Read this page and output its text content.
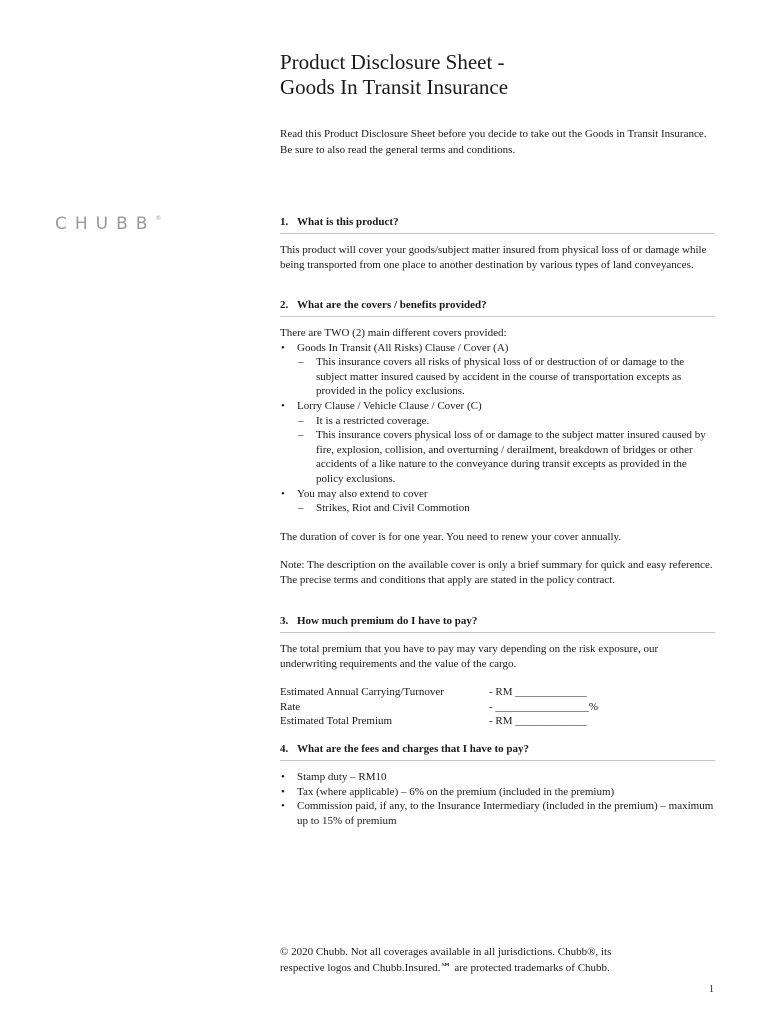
Product Disclosure Sheet -
Goods In Transit Insurance
Read this Product Disclosure Sheet before you decide to take out the Goods in Transit Insurance. Be sure to also read the general terms and conditions.
CHUBB®	1. What is this product?

This product will cover your goods/subject matter insured from physical loss of or damage while being transported from one place to another destination by various types of land conveyances.

2. What are the covers / benefits provided?

There are TWO (2) main different covers provided:

• Goods In Transit (All Risks) Clause / Cover (A)
– This insurance covers all risks of physical loss of or destruction of or damage to the subject matter insured caused by accident in the course of transportation excepts as provided in the policy exclusions.
• Lorry Clause / Vehicle Clause / Cover (C)
– It is a restricted coverage.
– This insurance covers physical loss of or damage to the subject matter insured caused by fire, explosion, collision, and overturning / derailment, breakdown of bridges or other accidents of a like nature to the conveyance during transit excepts as provided in the policy exclusions.
• You may also extend to cover
– Strikes, Riot and Civil Commotion

The duration of cover is for one year. You need to renew your cover annually.

Note: The description on the available cover is only a brief summary for quick and easy reference. The precise terms and conditions that apply are stated in the policy contract.

3. How much premium do I have to pay?

The total premium that you have to pay may vary depending on the risk exposure, our underwriting requirements and the value of the cargo.

Estimated Annual Carrying/Turnover	- RM _____________
Rate	- _________________%
Estimated Total Premium	- RM _____________
4. What are the fees and charges that I have to pay?
• Stamp duty – RM10
• Tax (where applicable) – 6% on the premium (included in the premium)
• Commission paid, if any, to the Insurance Intermediary (included in the premium) – maximum up to 15% of premium
© 2020 Chubb. Not all coverages available in all jurisdictions. Chubb®, its
respective logos and Chubb.Insured.℠ are protected trademarks of Chubb.
1
